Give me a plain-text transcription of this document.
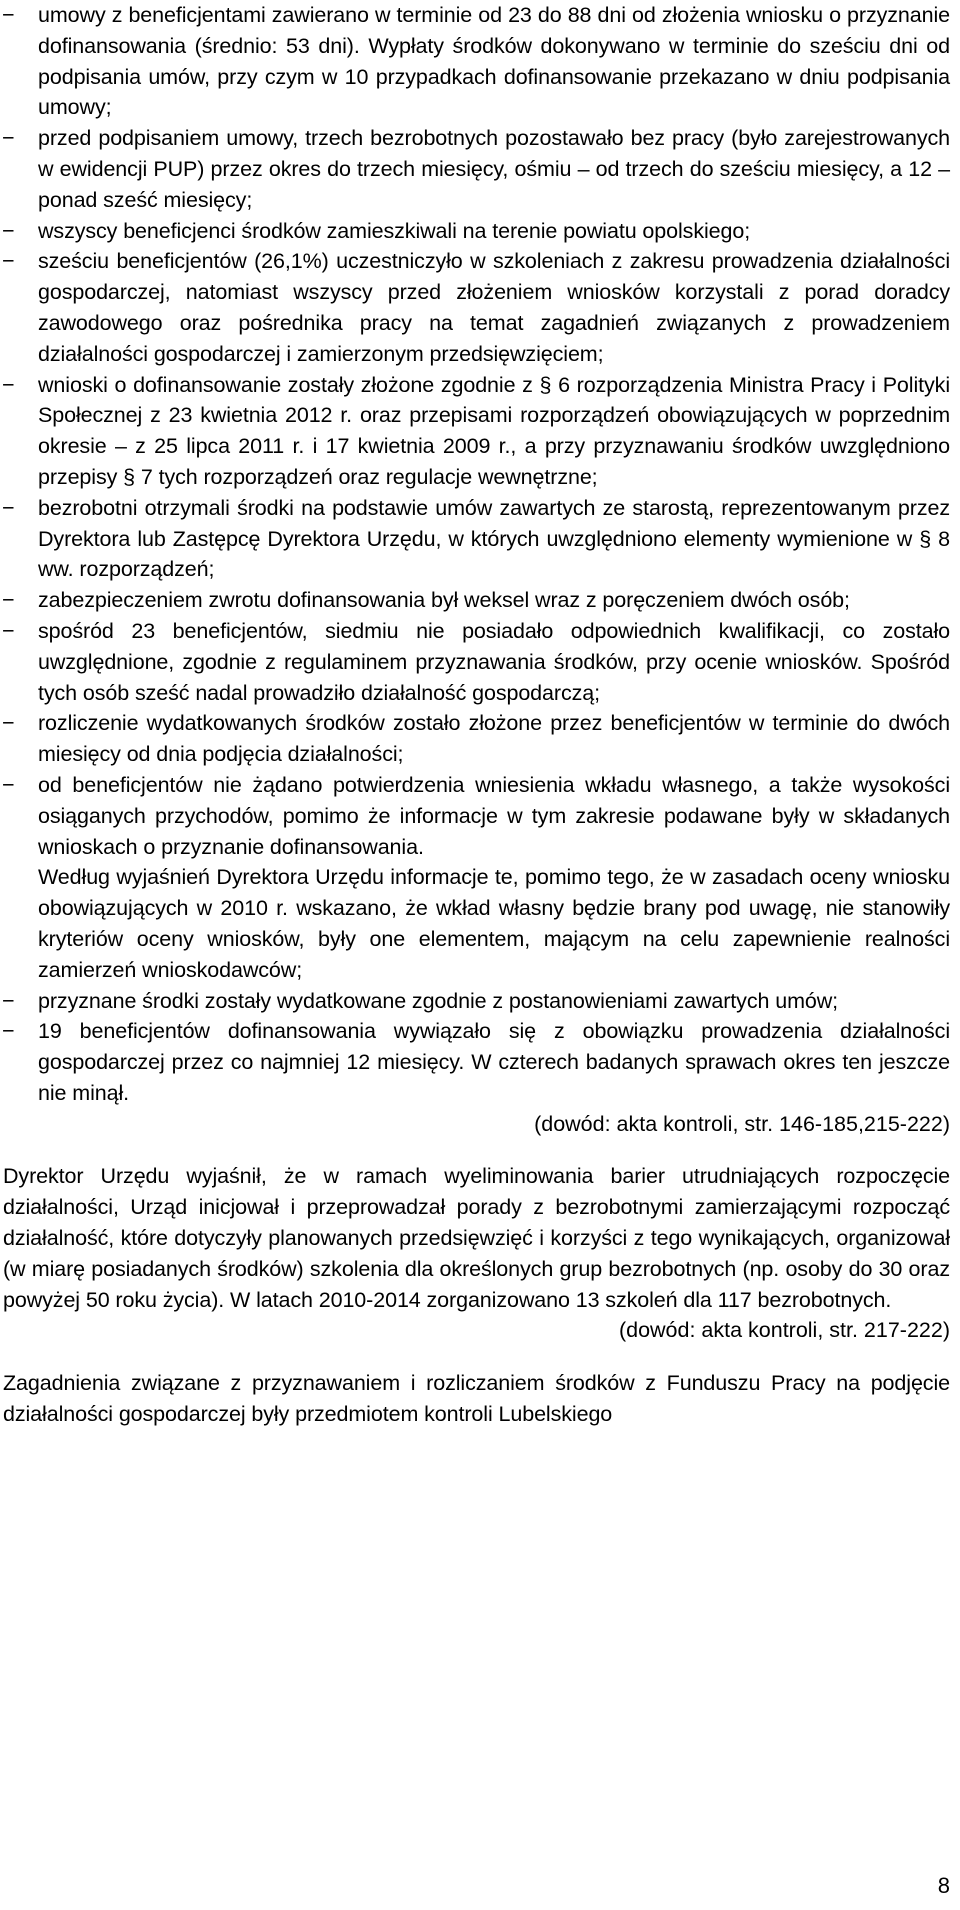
−	umowy z beneficjentami zawierano w terminie od 23 do 88 dni od złożenia wniosku o przyznanie dofinansowania (średnio: 53 dni). Wypłaty środków dokonywano w terminie do sześciu dni od podpisania umów, przy czym w 10 przypadkach dofinansowanie przekazano w dniu podpisania umowy;
−	przed podpisaniem umowy, trzech bezrobotnych pozostawało bez pracy (było zarejestrowanych w ewidencji PUP) przez okres do trzech miesięcy, ośmiu – od trzech do sześciu miesięcy, a 12 – ponad sześć miesięcy;
−	wszyscy beneficjenci środków zamieszkiwali na terenie powiatu opolskiego;
−	sześciu beneficjentów (26,1%) uczestniczyło w szkoleniach z zakresu prowadzenia działalności gospodarczej, natomiast wszyscy przed złożeniem wniosków korzystali z porad doradcy zawodowego oraz pośrednika pracy na temat zagadnień związanych z prowadzeniem działalności gospodarczej i zamierzonym przedsięwzięciem;
−	wnioski o dofinansowanie zostały złożone zgodnie z § 6 rozporządzenia Ministra Pracy i Polityki Społecznej z 23 kwietnia 2012 r. oraz przepisami rozporządzeń obowiązujących w poprzednim okresie – z 25 lipca 2011 r. i 17 kwietnia 2009 r., a przy przyznawaniu środków uwzględniono przepisy § 7 tych rozporządzeń oraz regulacje wewnętrzne;
−	bezrobotni otrzymali środki na podstawie umów zawartych ze starostą, reprezentowanym przez Dyrektora lub Zastępcę Dyrektora Urzędu, w których uwzględniono elementy wymienione w § 8 ww. rozporządzeń;
−	zabezpieczeniem zwrotu dofinansowania był weksel wraz z poręczeniem dwóch osób;
−	spośród 23 beneficjentów, siedmiu nie posiadało odpowiednich kwalifikacji, co zostało uwzględnione, zgodnie z regulaminem przyznawania środków, przy ocenie wniosków. Spośród tych osób sześć nadal prowadziło działalność gospodarczą;
−	rozliczenie wydatkowanych środków zostało złożone przez beneficjentów w terminie do dwóch miesięcy od dnia podjęcia działalności;
−	od beneficjentów nie żądano potwierdzenia wniesienia wkładu własnego, a także wysokości osiąganych przychodów, pomimo że informacje w tym zakresie podawane były w składanych wnioskach o przyznanie dofinansowania.
Według wyjaśnień Dyrektora Urzędu informacje te, pomimo tego, że w zasadach oceny wniosku obowiązujących w 2010 r. wskazano, że wkład własny będzie brany pod uwagę, nie stanowiły kryteriów oceny wniosków, były one elementem, mającym na celu zapewnienie realności zamierzeń wnioskodawców;
−	przyznane środki zostały wydatkowane zgodnie z postanowieniami zawartych umów;
−	19 beneficjentów dofinansowania wywiązało się z obowiązku prowadzenia działalności gospodarczej przez co najmniej 12 miesięcy. W czterech badanych sprawach okres ten jeszcze nie minął.
(dowód: akta kontroli, str. 146-185,215-222)
Dyrektor Urzędu wyjaśnił, że w ramach wyeliminowania barier utrudniających rozpoczęcie działalności, Urząd inicjował i przeprowadzał porady z bezrobotnymi zamierzającymi rozpocząć działalność, które dotyczyły planowanych przedsięwzięć i korzyści z tego wynikających, organizował (w miarę posiadanych środków) szkolenia dla określonych grup bezrobotnych (np. osoby do 30 oraz powyżej 50 roku życia). W latach 2010-2014 zorganizowano 13 szkoleń dla 117 bezrobotnych.
(dowód: akta kontroli, str. 217-222)
Zagadnienia związane z przyznawaniem i rozliczaniem środków z Funduszu Pracy na podjęcie działalności gospodarczej były przedmiotem kontroli Lubelskiego
8
